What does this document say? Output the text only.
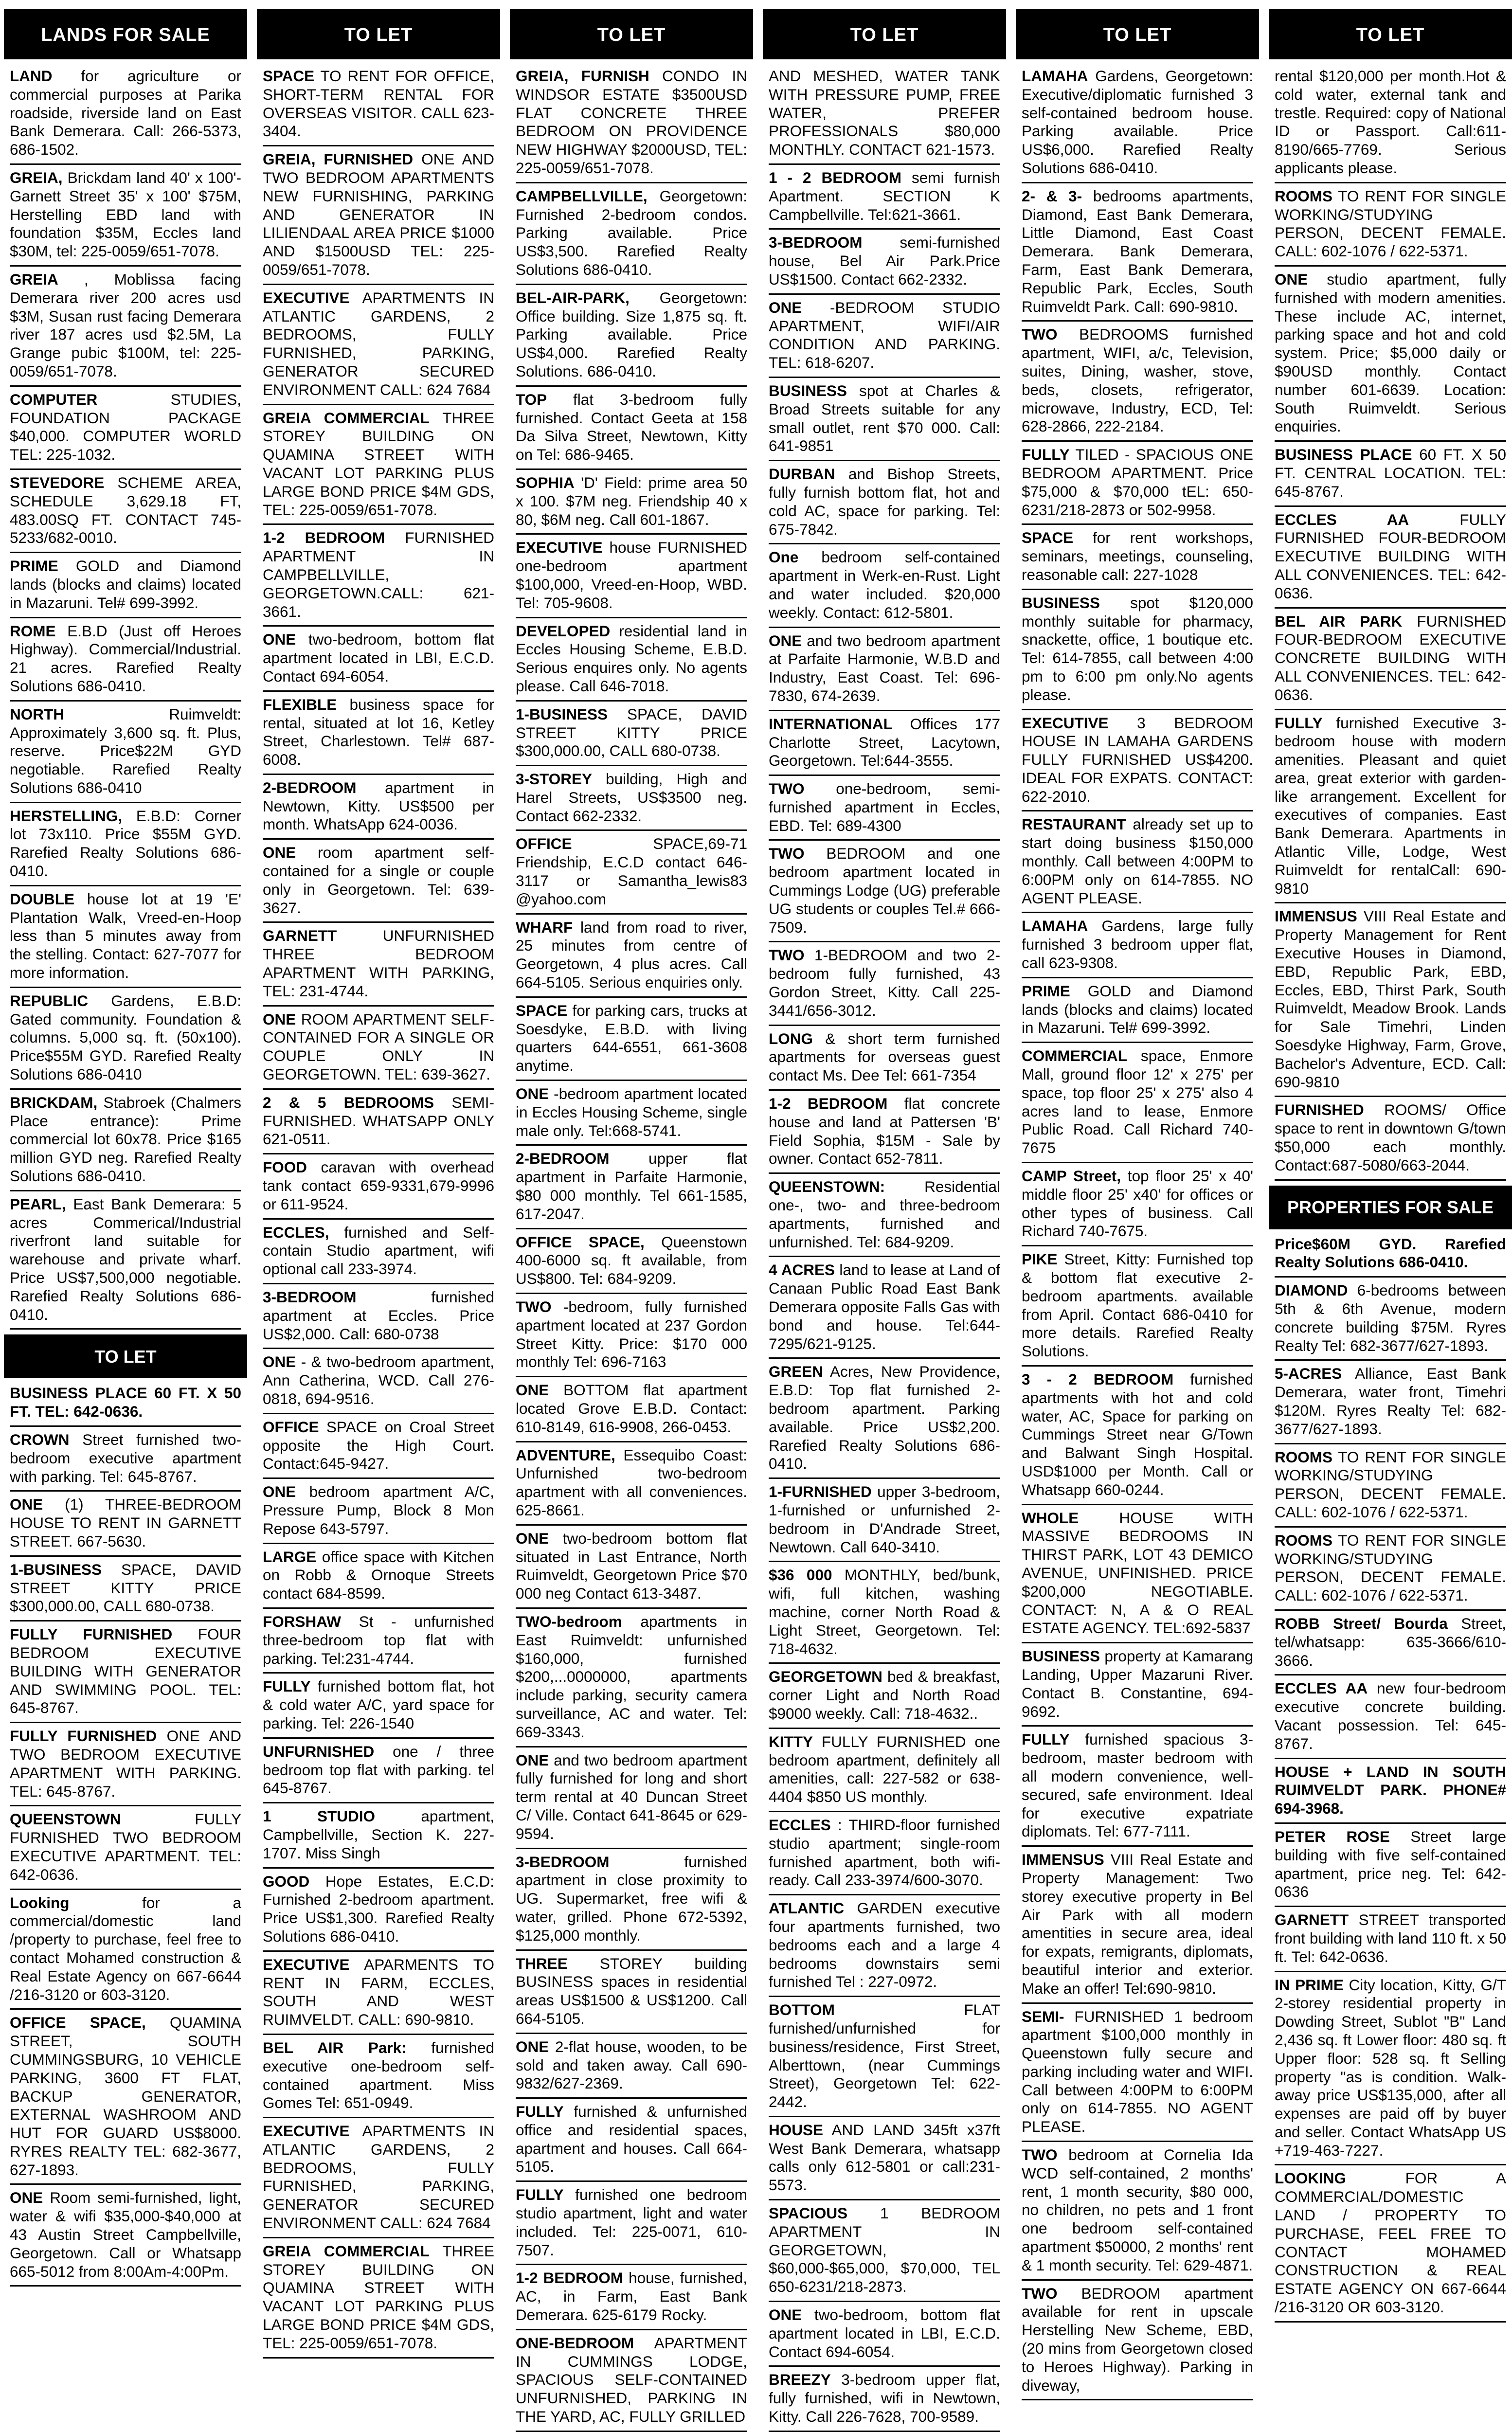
LANDS FOR SALE
LAND for agriculture or commercial purposes at Parika roadside, riverside land on East Bank Demerara. Call: 266-5373, 686-1502.
GREIA, Brickdam land 40' x 100'-Garnett Street 35' x 100' $75M, Herstelling EBD land with foundation $35M, Eccles land $30M, tel: 225-0059/651-7078.
GREIA , Moblissa facing Demerara river 200 acres usd $3M, Susan rust facing Demerara river 187 acres usd $2.5M, La Grange pubic $100M, tel: 225-0059/651-7078.
COMPUTER	STUDIES, FOUNDATION PACKAGE $40,000. COMPUTER WORLD TEL: 225-1032.
STEVEDORE SCHEME AREA, SCHEDULE 3,629.18 FT, 483.00SQ FT. CONTACT 745-5233/682-0010.
PRIME GOLD and Diamond lands (blocks and claims) located in Mazaruni. Tel# 699-3992.
ROME E.B.D (Just off Heroes Highway). Commercial/Industrial. 21 acres. Rarefied Realty Solutions 686-0410.
NORTH	Ruimveldt: Approximately 3,600 sq. ft. Plus, reserve. Price$22M GYD negotiable. Rarefied Realty Solutions 686-0410
HERSTELLING, E.B.D: Corner lot 73x110. Price $55M GYD. Rarefied Realty Solutions 686-0410.
DOUBLE house lot at 19 'E' Plantation Walk, Vreed-en-Hoop less than 5 minutes away from the stelling. Contact: 627-7077 for more information.
REPUBLIC Gardens, E.B.D: Gated community. Foundation & columns. 5,000 sq. ft. (50x100). Price$55M GYD. Rarefied Realty Solutions 686-0410
BRICKDAM, Stabroek (Chalmers Place entrance): Prime commercial lot 60x78. Price $165 million GYD neg. Rarefied Realty Solutions 686-0410.
PEARL, East Bank Demerara: 5 acres Commerical/Industrial riverfront land suitable for warehouse and private wharf. Price US$7,500,000 negotiable. Rarefied Realty Solutions 686-0410.
TO LET
BUSINESS PLACE 60 FT. X 50 FT. TEL: 642-0636.
CROWN Street furnished two-bedroom executive apartment with parking. Tel: 645-8767.
ONE (1) THREE-BEDROOM HOUSE TO RENT IN GARNETT STREET. 667-5630.
1-BUSINESS SPACE, DAVID STREET KITTY PRICE $300,000.00, CALL 680-0738.
FULLY FURNISHED FOUR BEDROOM EXECUTIVE BUILDING WITH GENERATOR AND SWIMMING POOL. TEL: 645-8767.
FULLY FURNISHED ONE AND TWO BEDROOM EXECUTIVE APARTMENT WITH PARKING. TEL: 645-8767.
QUEENSTOWN	FULLY FURNISHED TWO BEDROOM EXECUTIVE APARTMENT. TEL: 642-0636.
Looking	for a commercial/domestic land /property to purchase, feel free to contact Mohamed construction & Real Estate Agency on 667-6644 /216-3120 or 603-3120.
OFFICE SPACE, QUAMINA STREET, SOUTH CUMMINGSBURG, 10 VEHICLE PARKING, 3600 FT FLAT, BACKUP GENERATOR, EXTERNAL WASHROOM AND HUT FOR GUARD US$8000. RYRES REALTY TEL: 682-3677, 627-1893.
ONE Room semi-furnished, light, water & wifi $35,000-$40,000 at 43 Austin Street Campbellville, Georgetown. Call or Whatsapp 665-5012 from 8:00Am-4:00Pm.
TO LET
SPACE TO RENT FOR OFFICE, SHORT-TERM RENTAL FOR OVERSEAS VISITOR. CALL 623-3404.
GREIA, FURNISHED ONE AND TWO BEDROOM APARTMENTS NEW FURNISHING, PARKING AND GENERATOR IN LILIENDAAL AREA PRICE $1000 AND $1500USD TEL: 225-0059/651-7078.
EXECUTIVE APARTMENTS IN ATLANTIC GARDENS, 2 BEDROOMS, FULLY FURNISHED, PARKING, GENERATOR SECURED ENVIRONMENT CALL: 624 7684
GREIA COMMERCIAL THREE STOREY BUILDING ON QUAMINA STREET WITH VACANT LOT PARKING PLUS LARGE BOND PRICE $4M GDS, TEL: 225-0059/651-7078.
1-2 BEDROOM FURNISHED APARTMENT IN CAMPBELLVILLE, GEORGETOWN.CALL: 621-3661.
ONE two-bedroom, bottom flat apartment located in LBI, E.C.D. Contact 694-6054.
FLEXIBLE business space for rental, situated at lot 16, Ketley Street, Charlestown. Tel# 687-6008.
2-BEDROOM apartment in Newtown, Kitty. US$500 per month. WhatsApp 624-0036.
ONE room apartment self-contained for a single or couple only in Georgetown. Tel: 639-3627.
GARNETT	UNFURNISHED THREE BEDROOM APARTMENT WITH PARKING, TEL: 231-4744.
ONE ROOM APARTMENT SELF-CONTAINED FOR A SINGLE OR COUPLE ONLY IN GEORGETOWN. TEL: 639-3627.
2 & 5 BEDROOMS SEMI-FURNISHED. WHATSAPP ONLY 621-0511.
FOOD caravan with overhead tank contact 659-9331,679-9996 or 611-9524.
ECCLES, furnished and Self-contain Studio apartment, wifi optional call 233-3974.
3-BEDROOM	furnished apartment at Eccles. Price US$2,000. Call: 680-0738
ONE - & two-bedroom apartment, Ann Catherina, WCD. Call 276-0818, 694-9516.
OFFICE SPACE on Croal Street opposite the High Court. Contact:645-9427.
ONE bedroom apartment A/C, Pressure Pump, Block 8 Mon Repose 643-5797.
LARGE office space with Kitchen on Robb & Ornoque Streets contact 684-8599.
FORSHAW St - unfurnished three-bedroom top flat with parking. Tel:231-4744.
FULLY furnished bottom flat, hot & cold water A/C, yard space for parking. Tel: 226-1540
UNFURNISHED one / three bedroom top flat with parking. tel 645-8767.
1 STUDIO	apartment, Campbellville, Section K. 227-1707. Miss Singh
GOOD Hope Estates, E.C.D: Furnished 2-bedroom apartment. Price US$1,300. Rarefied Realty Solutions 686-0410.
EXECUTIVE APARMENTS TO RENT IN FARM, ECCLES, SOUTH AND WEST RUIMVELDT. CALL: 690-9810.
BEL AIR Park: furnished executive one-bedroom self-contained apartment. Miss Gomes Tel: 651-0949.
EXECUTIVE APARTMENTS IN ATLANTIC GARDENS, 2 BEDROOMS, FULLY FURNISHED, PARKING, GENERATOR SECURED ENVIRONMENT CALL: 624 7684
GREIA COMMERCIAL THREE STOREY BUILDING ON QUAMINA STREET WITH VACANT LOT PARKING PLUS LARGE BOND PRICE $4M GDS, TEL: 225-0059/651-7078.
TO LET
GREIA, FURNISH CONDO IN WINDSOR ESTATE $3500USD FLAT CONCRETE THREE BEDROOM ON PROVIDENCE NEW HIGHWAY $2000USD, TEL: 225-0059/651-7078.
CAMPBELLVILLE, Georgetown: Furnished 2-bedroom condos. Parking available. Price US$3,500. Rarefied Realty Solutions 686-0410.
BEL-AIR-PARK, Georgetown: Office building. Size 1,875 sq. ft. Parking available. Price US$4,000. Rarefied Realty Solutions. 686-0410.
TOP flat 3-bedroom fully furnished. Contact Geeta at 158 Da Silva Street, Newtown, Kitty on Tel: 686-9465.
SOPHIA 'D' Field: prime area 50 x 100. $7M neg. Friendship 40 x 80, $6M neg. Call 601-1867.
EXECUTIVE house FURNISHED one-bedroom apartment $100,000, Vreed-en-Hoop, WBD. Tel: 705-9608.
DEVELOPED residential land in Eccles Housing Scheme, E.B.D. Serious enquires only. No agents please. Call 646-7018.
1-BUSINESS SPACE, DAVID STREET KITTY PRICE $300,000.00, CALL 680-0738.
3-STOREY building, High and Harel Streets, US$3500 neg. Contact 662-2332.
OFFICE	SPACE,69-71 Friendship, E.C.D contact 646-3117 or Samantha_lewis83 @yahoo.com
WHARF land from road to river, 25 minutes from centre of Georgetown, 4 plus acres. Call 664-5105. Serious enquiries only.
SPACE for parking cars, trucks at Soesdyke, E.B.D. with living quarters 644-6551, 661-3608 anytime.
ONE -bedroom apartment located in Eccles Housing Scheme, single male only. Tel:668-5741.
2-BEDROOM	upper flat apartment in Parfaite Harmonie, $80 000 monthly. Tel 661-1585, 617-2047.
OFFICE SPACE, Queenstown 400-6000 sq. ft available, from US$800. Tel: 684-9209.
TWO -bedroom, fully furnished apartment located at 237 Gordon Street Kitty. Price: $170 000 monthly Tel: 696-7163
ONE BOTTOM flat apartment located Grove E.B.D. Contact: 610-8149, 616-9908, 266-0453.
ADVENTURE, Essequibo Coast: Unfurnished two-bedroom apartment with all conveniences. 625-8661.
ONE two-bedroom bottom flat situated in Last Entrance, North Ruimveldt, Georgetown Price $70 000 neg Contact 613-3487.
TWO-bedroom apartments in East Ruimveldt: unfurnished $160,000, furnished $200,...0000000, apartments include parking, security camera surveillance, AC and water. Tel: 669-3343.
ONE and two bedroom apartment fully furnished for long and short term rental at 40 Duncan Street C/ Ville. Contact 641-8645 or 629-9594.
3-BEDROOM	furnished apartment in close proximity to UG. Supermarket, free wifi & water, grilled. Phone 672-5392, $125,000 monthly.
THREE STOREY building BUSINESS spaces in residential areas US$1500 & US$1200. Call 664-5105.
ONE 2-flat house, wooden, to be sold and taken away. Call 690-9832/627-2369.
FULLY furnished & unfurnished office and residential spaces, apartment and houses. Call 664-5105.
FULLY furnished one bedroom studio apartment, light and water included. Tel: 225-0071, 610-7507.
1-2 BEDROOM house, furnished, AC, in Farm, East Bank Demerara. 625-6179 Rocky.
ONE-BEDROOM APARTMENT IN CUMMINGS LODGE, SPACIOUS SELF-CONTAINED UNFURNISHED, PARKING IN THE YARD, AC, FULLY GRILLED
TO LET
AND MESHED, WATER TANK WITH PRESSURE PUMP, FREE WATER, PREFER PROFESSIONALS $80,000 MONTHLY. CONTACT 621-1573.
1 - 2 BEDROOM semi furnish Apartment. SECTION K Campbellville. Tel:621-3661.
3-BEDROOM semi-furnished house, Bel Air Park.Price US$1500. Contact 662-2332.
ONE -BEDROOM STUDIO APARTMENT, WIFI/AIR CONDITION AND PARKING. TEL: 618-6207.
BUSINESS spot at Charles & Broad Streets suitable for any small outlet, rent $70 000. Call: 641-9851
DURBAN and Bishop Streets, fully furnish bottom flat, hot and cold AC, space for parking. Tel: 675-7842.
One bedroom self-contained apartment in Werk-en-Rust. Light and water included. $20,000 weekly. Contact: 612-5801.
ONE and two bedroom apartment at Parfaite Harmonie, W.B.D and Industry, East Coast. Tel: 696-7830, 674-2639.
INTERNATIONAL Offices 177 Charlotte Street, Lacytown, Georgetown. Tel:644-3555.
TWO one-bedroom, semi-furnished apartment in Eccles, EBD. Tel: 689-4300
TWO BEDROOM and one bedroom apartment located in Cummings Lodge (UG) preferable UG students or couples Tel.# 666-7509.
TWO 1-BEDROOM and two 2-bedroom fully furnished, 43 Gordon Street, Kitty. Call 225- 3441/656-3012.
LONG & short term furnished apartments for overseas guest contact Ms. Dee Tel: 661-7354
1-2 BEDROOM flat concrete house and land at Pattersen 'B' Field Sophia, $15M - Sale by owner. Contact 652-7811.
QUEENSTOWN:	Residential one-, two- and three-bedroom apartments, furnished and unfurnished. Tel: 684-9209.
4 ACRES land to lease at Land of Canaan Public Road East Bank Demerara opposite Falls Gas with bond and house. Tel:644-7295/621-9125.
GREEN Acres, New Providence, E.B.D: Top flat furnished 2-bedroom apartment. Parking available. Price US$2,200. Rarefied Realty Solutions 686-0410.
1-FURNISHED upper 3-bedroom, 1-furnished or unfurnished 2-bedroom in D'Andrade Street, Newtown. Call 640-3410.
$36 000 MONTHLY, bed/bunk, wifi, full kitchen, washing machine, corner North Road & Light Street, Georgetown. Tel: 718-4632.
GEORGETOWN bed & breakfast, corner Light and North Road $9000 weekly. Call: 718-4632..
KITTY FULLY FURNISHED one bedroom apartment, definitely all amenities, call: 227-582 or 638-4404 $850 US monthly.
ECCLES : THIRD-floor furnished studio apartment; single-room furnished apartment, both wifi-ready. Call 233-3974/600-3070.
ATLANTIC GARDEN executive four apartments furnished, two bedrooms each and a large 4 bedrooms downstairs semi furnished Tel : 227-0972.
BOTTOM	FLAT furnished/unfurnished for business/residence, First Street, Alberttown, (near Cummings Street), Georgetown Tel: 622-2442.
HOUSE AND LAND 345ft x37ft West Bank Demerara, whatsapp calls only 612-5801 or call:231-5573.
SPACIOUS 1 BEDROOM APARTMENT IN GEORGETOWN, $60,000-$65,000, $70,000, TEL 650-6231/218-2873.
ONE two-bedroom, bottom flat apartment located in LBI, E.C.D. Contact 694-6054.
BREEZY 3-bedroom upper flat, fully furnished, wifi in Newtown, Kitty. Call 226-7628, 700-9589.
TO LET
LAMAHA Gardens, Georgetown: Executive/diplomatic furnished 3 self-contained bedroom house. Parking available. Price US$6,000. Rarefied Realty Solutions 686-0410.
2- & 3- bedrooms apartments, Diamond, East Bank Demerara, Little Diamond, East Coast Demerara. Bank Demerara, Farm, East Bank Demerara, Republic Park, Eccles, South Ruimveldt Park. Call: 690-9810.
TWO BEDROOMS furnished apartment, WIFI, a/c, Television, suites, Dining, washer, stove, beds, closets, refrigerator, microwave, Industry, ECD, Tel: 628-2866, 222-2184.
FULLY TILED - SPACIOUS ONE BEDROOM APARTMENT. Price $75,000 & $70,000 tEL: 650-6231/218-2873 or 502-9958.
SPACE for rent workshops, seminars, meetings, counseling, reasonable call: 227-1028
BUSINESS spot $120,000 monthly suitable for pharmacy, snackette, office, 1 boutique etc. Tel: 614-7855, call between 4:00 pm to 6:00 pm only.No agents please.
EXECUTIVE 3 BEDROOM HOUSE IN LAMAHA GARDENS FULLY FURNISHED US$4200. IDEAL FOR EXPATS. CONTACT: 622-2010.
RESTAURANT already set up to start doing business $150,000 monthly. Call between 4:00PM to 6:00PM only on 614-7855. NO AGENT PLEASE.
LAMAHA Gardens, large fully furnished 3 bedroom upper flat, call 623-9308.
PRIME GOLD and Diamond lands (blocks and claims) located in Mazaruni. Tel# 699-3992.
COMMERCIAL space, Enmore Mall, ground floor 12' x 275' per space, top floor 25' x 275' also 4 acres land to lease, Enmore Public Road. Call Richard 740-7675
CAMP Street, top floor 25' x 40' middle floor 25' x40' for offices or other types of business. Call Richard 740-7675.
PIKE Street, Kitty: Furnished top & bottom flat executive 2-bedroom apartments. available from April. Contact 686-0410 for more details. Rarefied Realty Solutions.
3 - 2 BEDROOM furnished apartments with hot and cold water, AC, Space for parking on Cummings Street near G/Town and Balwant Singh Hospital. USD$1000 per Month. Call or Whatsapp 660-0244.
WHOLE	HOUSE WITH MASSIVE BEDROOMS IN THIRST PARK, LOT 43 DEMICO AVENUE, UNFINISHED. PRICE $200,000 NEGOTIABLE. CONTACT: N, A & O REAL ESTATE AGENCY. TEL:692-5837
BUSINESS property at Kamarang Landing, Upper Mazaruni River. Contact B. Constantine, 694-9692.
FULLY furnished spacious 3-bedroom, master bedroom with all modern convenience, well-secured, safe environment. Ideal for executive expatriate diplomats. Tel: 677-7111.
IMMENSUS VIII Real Estate and Property Management: Two storey executive property in Bel Air Park with all modern amentities in secure area, ideal for expats, remigrants, diplomats, beautiful interior and exterior. Make an offer! Tel:690-9810.
SEMI- FURNISHED 1 bedroom apartment $100,000 monthly in Queenstown fully secure and parking including water and WIFI. Call between 4:00PM to 6:00PM only on 614-7855. NO AGENT PLEASE.
TWO bedroom at Cornelia Ida WCD self-contained, 2 months' rent, 1 month security, $80 000, no children, no pets and 1 front one bedroom self-contained apartment $50000, 2 months' rent & 1 month security. Tel: 629-4871.
TWO BEDROOM apartment available for rent in upscale Herstelling New Scheme, EBD, (20 mins from Georgetown closed to Heroes Highway). Parking in diveway,
TO LET
rental $120,000 per month.Hot & cold water, external tank and trestle. Required: copy of National ID or Passport. Call:611-8190/665-7769. Serious applicants please.
ROOMS TO RENT FOR SINGLE WORKING/STUDYING PERSON, DECENT FEMALE. CALL: 602-1076 / 622-5371.
ONE studio apartment, fully furnished with modern amenities. These include AC, internet, parking space and hot and cold system. Price; $5,000 daily or $90USD monthly. Contact number 601-6639. Location: South Ruimveldt. Serious enquiries.
BUSINESS PLACE 60 FT. X 50 FT. CENTRAL LOCATION. TEL: 645-8767.
ECCLES AA	FULLY FURNISHED FOUR-BEDROOM EXECUTIVE BUILDING WITH ALL CONVENIENCES. TEL: 642-0636.
BEL AIR PARK FURNISHED FOUR-BEDROOM EXECUTIVE CONCRETE BUILDING WITH ALL CONVENIENCES. TEL: 642-0636.
FULLY furnished Executive 3-bedroom house with modern amenities. Pleasant and quiet area, great exterior with garden- like arrangement. Excellent for executives of companies. East Bank Demerara. Apartments in Atlantic Ville, Lodge, West Ruimveldt for rentalCall: 690-9810
IMMENSUS VIII Real Estate and Property Management for Rent Executive Houses in Diamond, EBD, Republic Park, EBD, Eccles, EBD, Thirst Park, South Ruimveldt, Meadow Brook. Lands for Sale Timehri, Linden Soesdyke Highway, Farm, Grove, Bachelor's Adventure, ECD. Call: 690-9810
FURNISHED ROOMS/ Office space to rent in downtown G/town $50,000 each monthly. Contact:687-5080/663-2044.
PROPERTIES FOR SALE
Price$60M GYD. Rarefied Realty Solutions 686-0410.
DIAMOND 6-bedrooms between 5th & 6th Avenue, modern concrete building $75M. Ryres Realty Tel: 682-3677/627-1893.
5-ACRES Alliance, East Bank Demerara, water front, Timehri $120M. Ryres Realty Tel: 682-3677/627-1893.
ROOMS TO RENT FOR SINGLE WORKING/STUDYING PERSON, DECENT FEMALE. CALL: 602-1076 / 622-5371.
ROOMS TO RENT FOR SINGLE WORKING/STUDYING PERSON, DECENT FEMALE. CALL: 602-1076 / 622-5371.
ROBB Street/ Bourda Street, tel/whatsapp: 635-3666/610-3666.
ECCLES AA new four-bedroom executive concrete building. Vacant possession. Tel: 645-8767.
HOUSE + LAND IN SOUTH RUIMVELDT PARK. PHONE# 694-3968.
PETER ROSE Street large building with five self-contained apartment, price neg. Tel: 642-0636
GARNETT STREET transported front building with land 110 ft. x 50 ft. Tel: 642-0636.
IN PRIME City location, Kitty, G/T 2-storey residential property in Dowding Street, Sublot "B" Land 2,436 sq. ft Lower floor: 480 sq. ft Upper floor: 528 sq. ft Selling property "as is condition. Walk-away price US$135,000, after all expenses are paid off by buyer and seller. Contact WhatsApp US +719-463-7227.
LOOKING	FOR A COMMERCIAL/DOMESTIC LAND / PROPERTY TO PURCHASE, FEEL FREE TO CONTACT MOHAMED CONSTRUCTION & REAL ESTATE AGENCY ON 667-6644 /216-3120 OR 603-3120.
